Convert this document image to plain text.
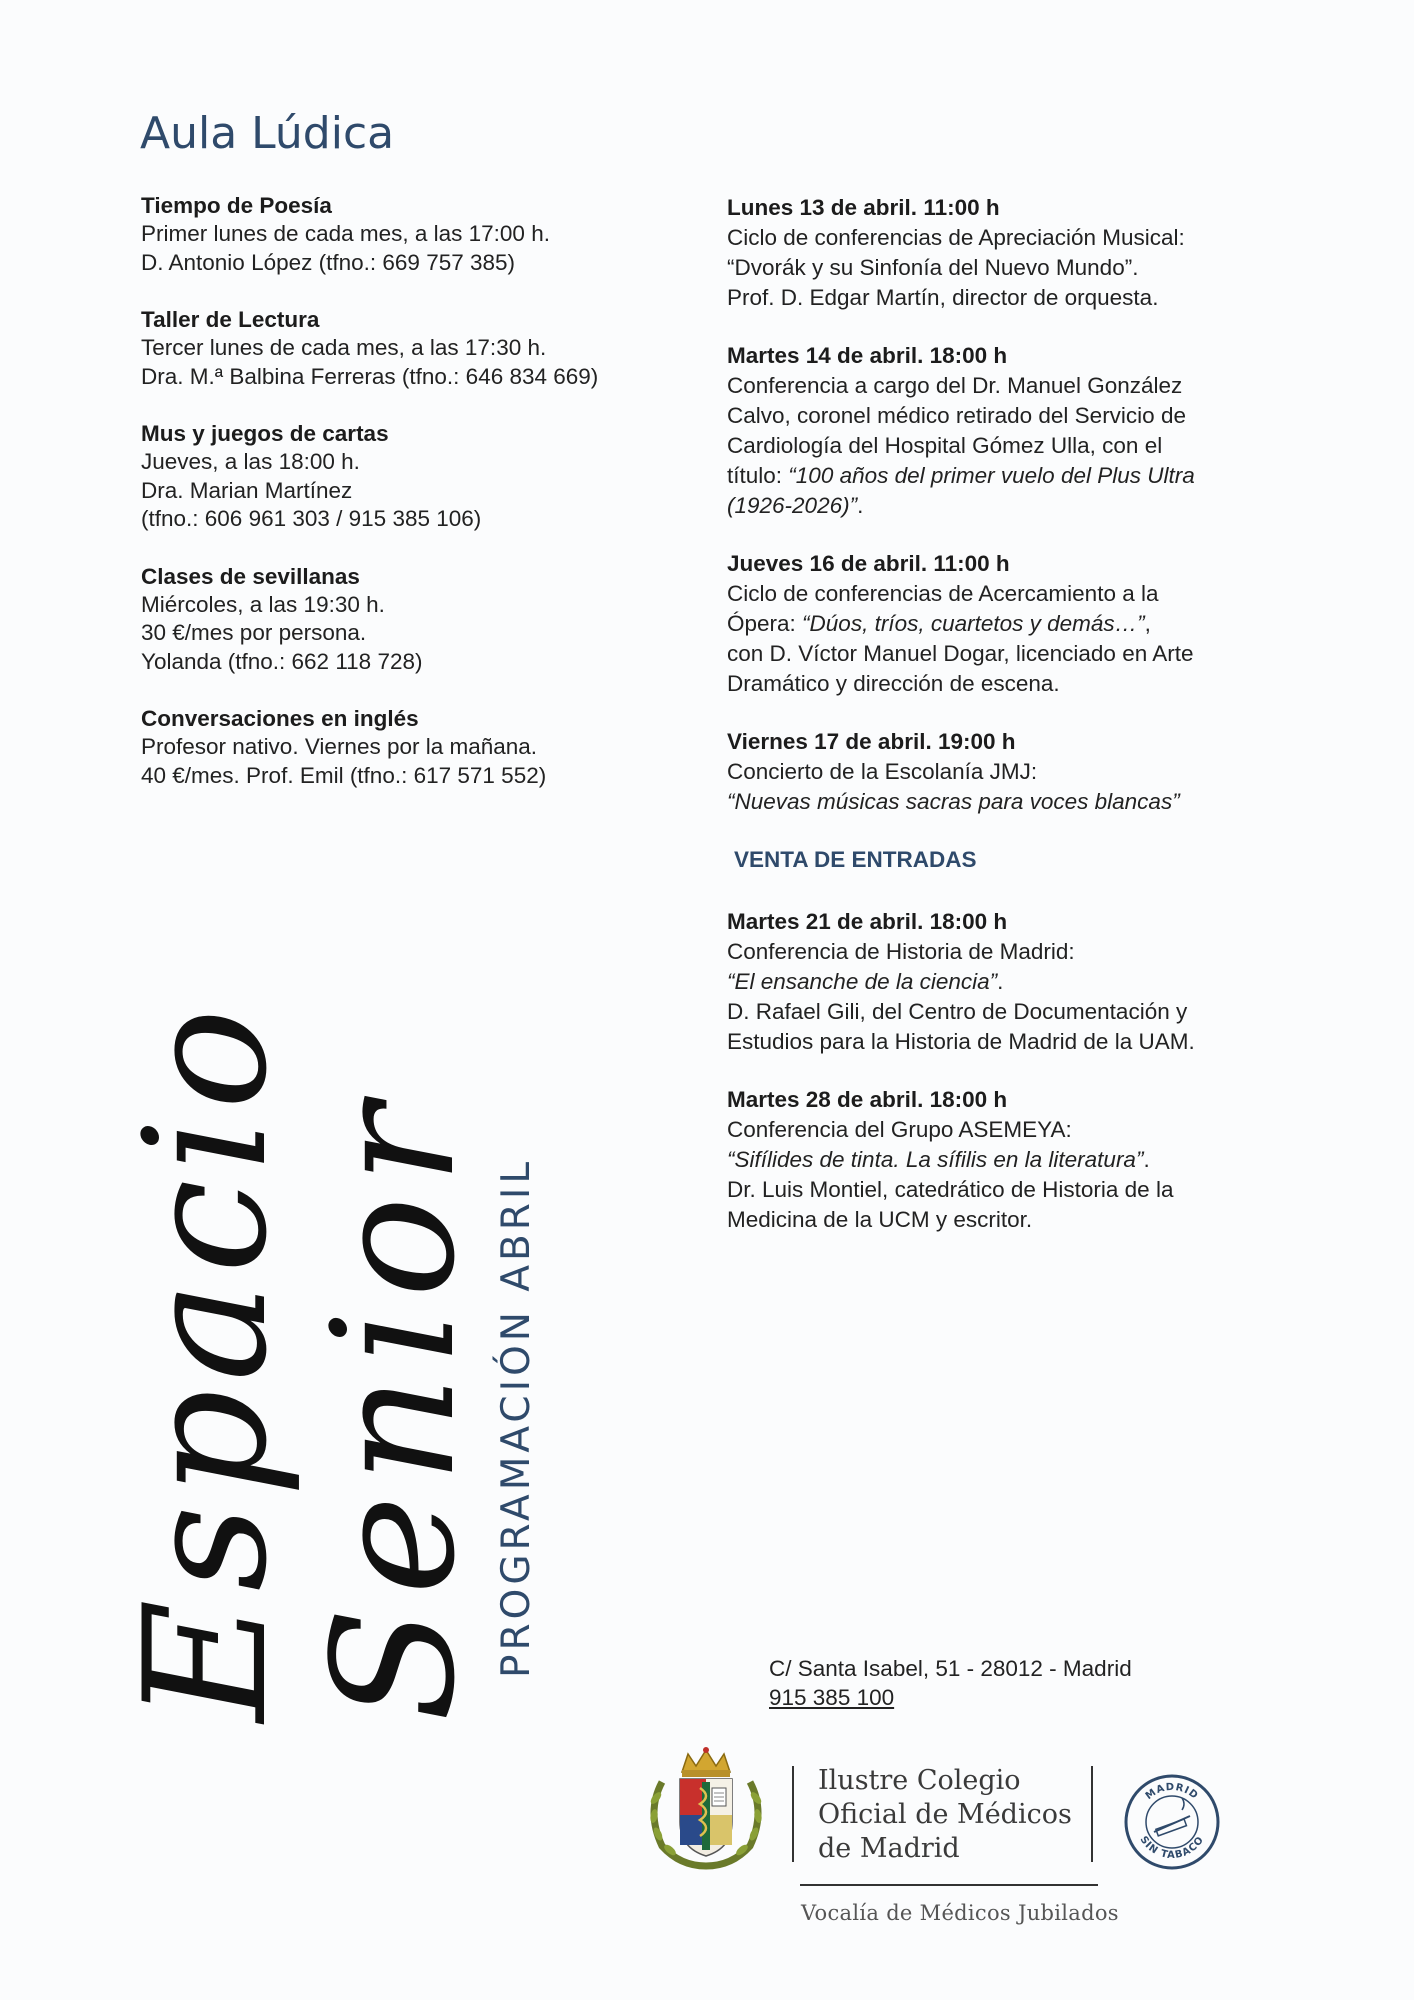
Aula Lúdica
Tiempo de Poesía
Primer lunes de cada mes, a las 17:00 h.
D. Antonio López (tfno.: 669 757 385)
Taller de Lectura
Tercer lunes de cada mes, a las 17:30 h.
Dra. M.ª Balbina Ferreras (tfno.: 646 834 669)
Mus y juegos de cartas
Jueves, a las 18:00 h.
Dra. Marian Martínez
(tfno.: 606 961 303 / 915 385 106)
Clases de sevillanas
Miércoles, a las 19:30 h.
30 €/mes por persona.
Yolanda (tfno.: 662 118 728)
Conversaciones en inglés
Profesor nativo. Viernes por la mañana.
40 €/mes. Prof. Emil (tfno.: 617 571 552)
Lunes 13 de abril. 11:00 h
Ciclo de conferencias de Apreciación Musical:
“Dvorák y su Sinfonía del Nuevo Mundo”.
Prof. D. Edgar Martín, director de orquesta.
Martes 14 de abril. 18:00 h
Conferencia a cargo del Dr. Manuel González
Calvo, coronel médico retirado del Servicio de
Cardiología del Hospital Gómez Ulla, con el
título: “100 años del primer vuelo del Plus Ultra
(1926-2026)”.
Jueves 16 de abril. 11:00 h
Ciclo de conferencias de Acercamiento a la
Ópera: “Dúos, tríos, cuartetos y demás…”,
con D. Víctor Manuel Dogar, licenciado en Arte
Dramático y dirección de escena.
Viernes 17 de abril. 19:00 h
Concierto de la Escolanía JMJ:
“Nuevas músicas sacras para voces blancas”
VENTA DE ENTRADAS
Martes 21 de abril. 18:00 h
Conferencia de Historia de Madrid:
“El ensanche de la ciencia”.
D. Rafael Gili, del Centro de Documentación y
Estudios para la Historia de Madrid de la UAM.
Martes 28 de abril. 18:00 h
Conferencia del Grupo ASEMEYA:
“Sifílides de tinta. La sífilis en la literatura”.
Dr. Luis Montiel, catedrático de Historia de la
Medicina de la UCM y escritor.
Espacio
Senior PROGRAMACIÓN ABRIL	C/ Santa Isabel, 51 - 28012 - Madrid
915 385 100
Ilustre Colegio
Oficial de Médicos
de Madrid
Vocalía de Médicos Jubilados
MADRID
SIN TABACO
